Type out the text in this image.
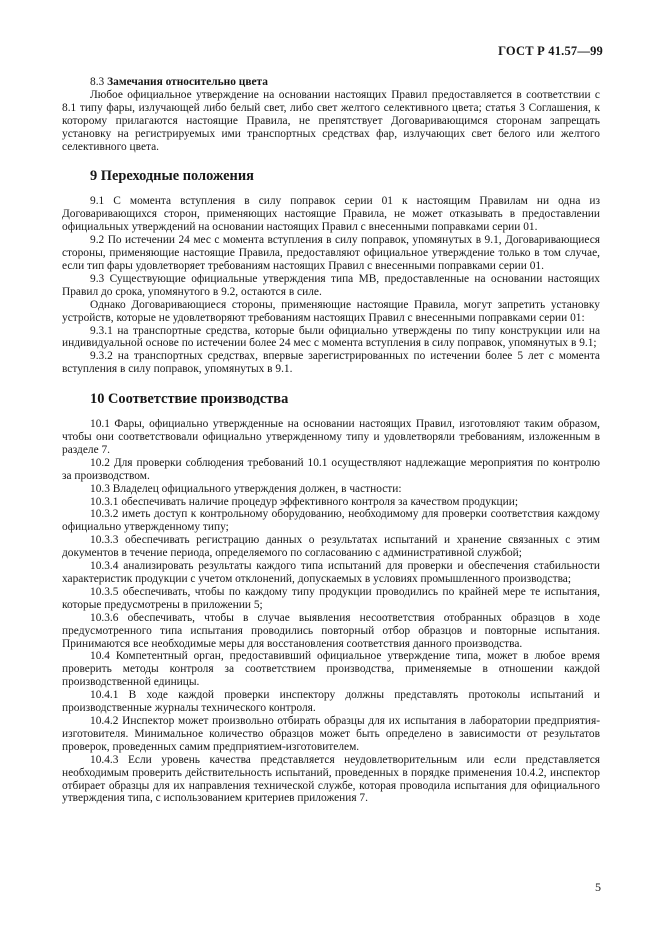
ГОСТ Р 41.57—99
8.3 Замечания относительно цвета

Любое официальное утверждение на основании настоящих Правил предоставляется в соответствии с 8.1 типу фары, излучающей либо белый свет, либо свет желтого селективного цвета; статья 3 Соглашения, к которому прилагаются настоящие Правила, не препятствует Договаривающимся сторонам запрещать установку на регистрируемых ими транспортных средствах фар, излучающих свет белого или желтого селективного цвета.

9 Переходные положения

9.1 С момента вступления в силу поправок серии 01 к настоящим Правилам ни одна из Договаривающихся сторон, применяющих настоящие Правила, не может отказывать в предоставлении официальных утверждений на основании настоящих Правил с внесенными поправками серии 01.

9.2 По истечении 24 мес с момента вступления в силу поправок, упомянутых в 9.1, Договаривающиеся стороны, применяющие настоящие Правила, предоставляют официальное утверждение только в том случае, если тип фары удовлетворяет требованиям настоящих Правил с внесенными поправками серии 01.

9.3 Существующие официальные утверждения типа МВ, предоставленные на основании настоящих Правил до срока, упомянутого в 9.2, остаются в силе.

Однако Договаривающиеся стороны, применяющие настоящие Правила, могут запретить установку устройств, которые не удовлетворяют требованиям настоящих Правил с внесенными поправками серии 01:

9.3.1 на транспортные средства, которые были официально утверждены по типу конструкции или на индивидуальной основе по истечении более 24 мес с момента вступления в силу поправок, упомянутых в 9.1;

9.3.2 на транспортных средствах, впервые зарегистрированных по истечении более 5 лет с момента вступления в силу поправок, упомянутых в 9.1.

10 Соответствие производства

10.1 Фары, официально утвержденные на основании настоящих Правил, изготовляют таким образом, чтобы они соответствовали официально утвержденному типу и удовлетворяли требованиям, изложенным в разделе 7.

10.2 Для проверки соблюдения требований 10.1 осуществляют надлежащие мероприятия по контролю за производством.

10.3 Владелец официального утверждения должен, в частности:

10.3.1 обеспечивать наличие процедур эффективного контроля за качеством продукции;

10.3.2 иметь доступ к контрольному оборудованию, необходимому для проверки соответствия каждому официально утвержденному типу;

10.3.3 обеспечивать регистрацию данных о результатах испытаний и хранение связанных с этим документов в течение периода, определяемого по согласованию с административной службой;

10.3.4 анализировать результаты каждого типа испытаний для проверки и обеспечения стабильности характеристик продукции с учетом отклонений, допускаемых в условиях промышленного производства;

10.3.5 обеспечивать, чтобы по каждому типу продукции проводились по крайней мере те испытания, которые предусмотрены в приложении 5;

10.3.6 обеспечивать, чтобы в случае выявления несоответствия отобранных образцов в ходе предусмотренного типа испытания проводились повторный отбор образцов и повторные испытания. Принимаются все необходимые меры для восстановления соответствия данного производства.

10.4 Компетентный орган, предоставивший официальное утверждение типа, может в любое время проверить методы контроля за соответствием производства, применяемые в отношении каждой производственной единицы.

10.4.1 В ходе каждой проверки инспектору должны представлять протоколы испытаний и производственные журналы технического контроля.

10.4.2 Инспектор может произвольно отбирать образцы для их испытания в лаборатории предприятия-изготовителя. Минимальное количество образцов может быть определено в зависимости от результатов проверок, проведенных самим предприятием-изготовителем.

10.4.3 Если уровень качества представляется неудовлетворительным или если представляется необходимым проверить действительность испытаний, проведенных в порядке применения 10.4.2, инспектор отбирает образцы для их направления технической службе, которая проводила испытания для официального утверждения типа, с использованием критериев приложения 7.

5
